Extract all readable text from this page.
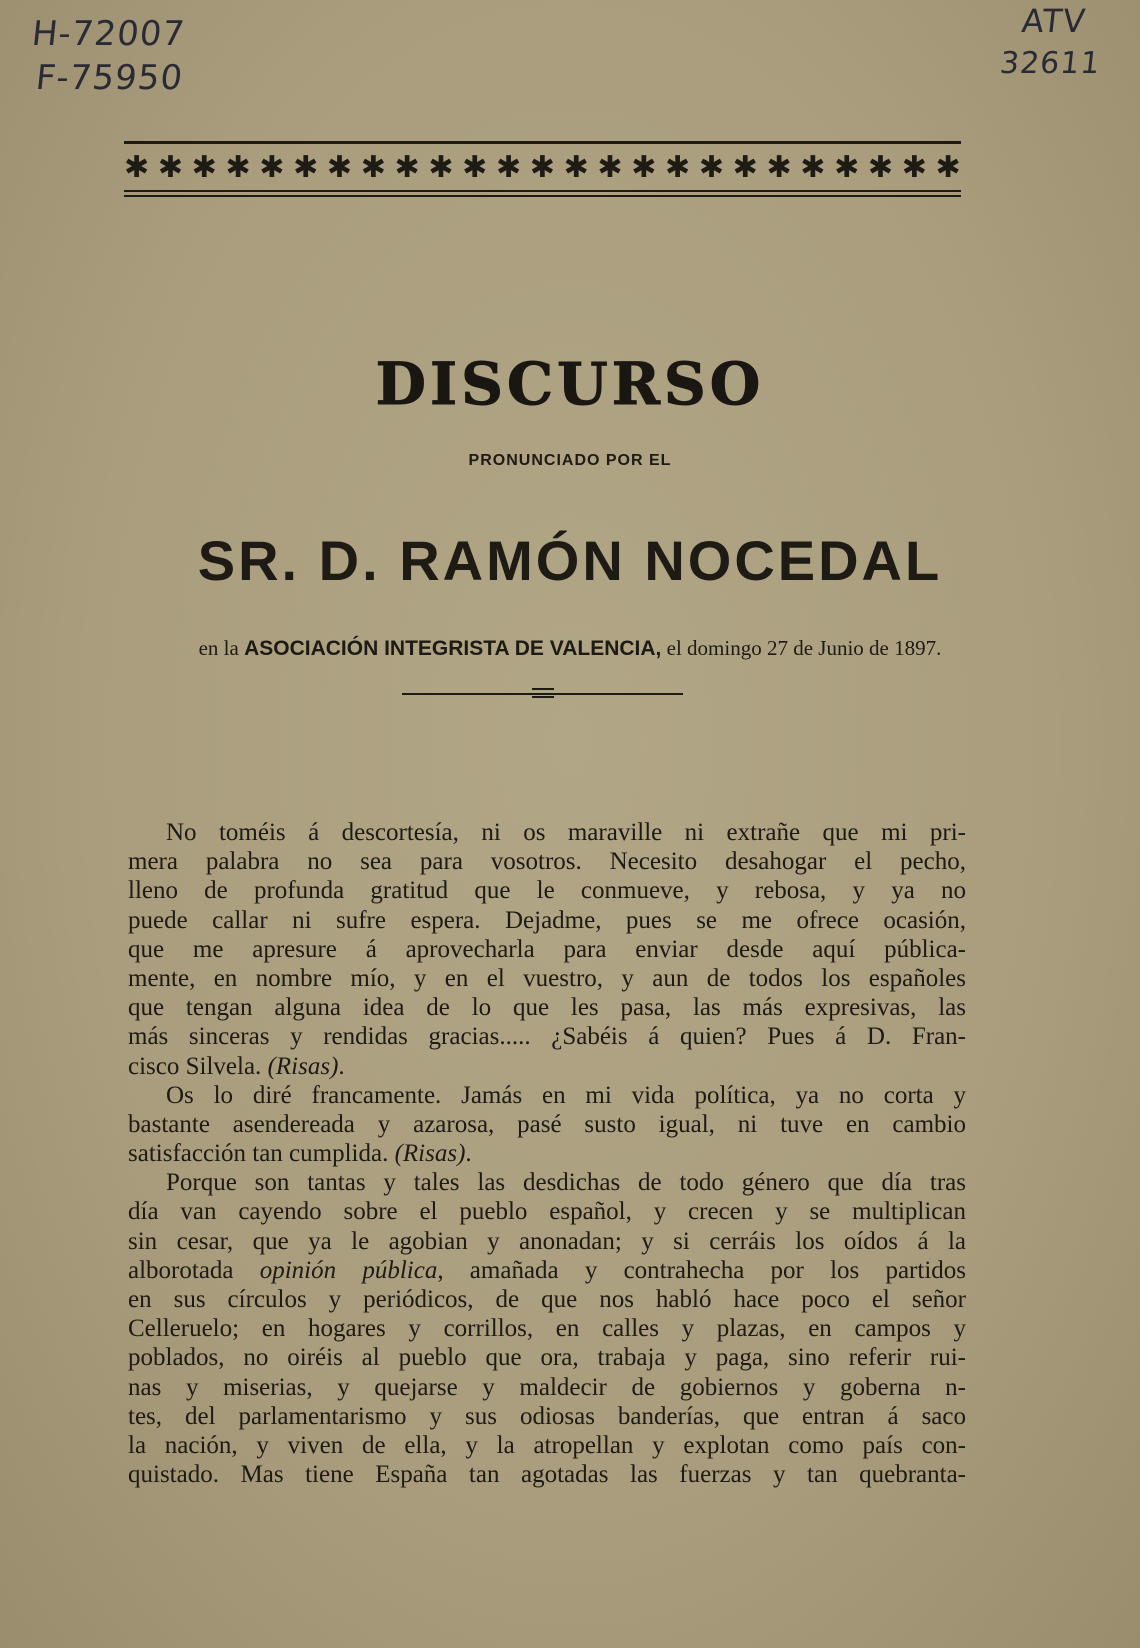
H-72007
F-75950
ATV
32611
✱ ✱ ✱ ✱ ✱ ✱ ✱ ✱ ✱ ✱ ✱ ✱ ✱ ✱ ✱ ✱ ✱ ✱ ✱ ✱ ✱ ✱ ✱ ✱ ✱
DISCURSO
PRONUNCIADO POR EL
SR. D. RAMÓN NOCEDAL
en la ASOCIACIÓN INTEGRISTA DE VALENCIA, el domingo 27 de Junio de 1897.
No toméis á descortesía, ni os maraville ni extrañe que mi pri-
mera palabra no sea para vosotros. Necesito desahogar el pecho,
lleno de profunda gratitud que le conmueve, y rebosa, y ya no
puede callar ni sufre espera. Dejadme, pues se me ofrece ocasión,
que me apresure á aprovecharla para enviar desde aquí pública-
mente, en nombre mío, y en el vuestro, y aun de todos los españoles
que tengan alguna idea de lo que les pasa, las más expresivas, las
más sinceras y rendidas gracias..... ¿Sabéis á quien? Pues á D. Fran-
cisco Silvela. (Risas).
Os lo diré francamente. Jamás en mi vida política, ya no corta y
bastante asendereada y azarosa, pasé susto igual, ni tuve en cambio
satisfacción tan cumplida. (Risas).
Porque son tantas y tales las desdichas de todo género que día tras
día van cayendo sobre el pueblo español, y crecen y se multiplican
sin cesar, que ya le agobian y anonadan; y si cerráis los oídos á la
alborotada opinión pública, amañada y contrahecha por los partidos
en sus círculos y periódicos, de que nos habló hace poco el señor
Celleruelo; en hogares y corrillos, en calles y plazas, en campos y
poblados, no oiréis al pueblo que ora, trabaja y paga, sino referir rui-
nas y miserias, y quejarse y maldecir de gobiernos y goberna n-
tes, del parlamentarismo y sus odiosas banderías, que entran á saco
la nación, y viven de ella, y la atropellan y explotan como país con-
quistado. Mas tiene España tan agotadas las fuerzas y tan quebranta-
